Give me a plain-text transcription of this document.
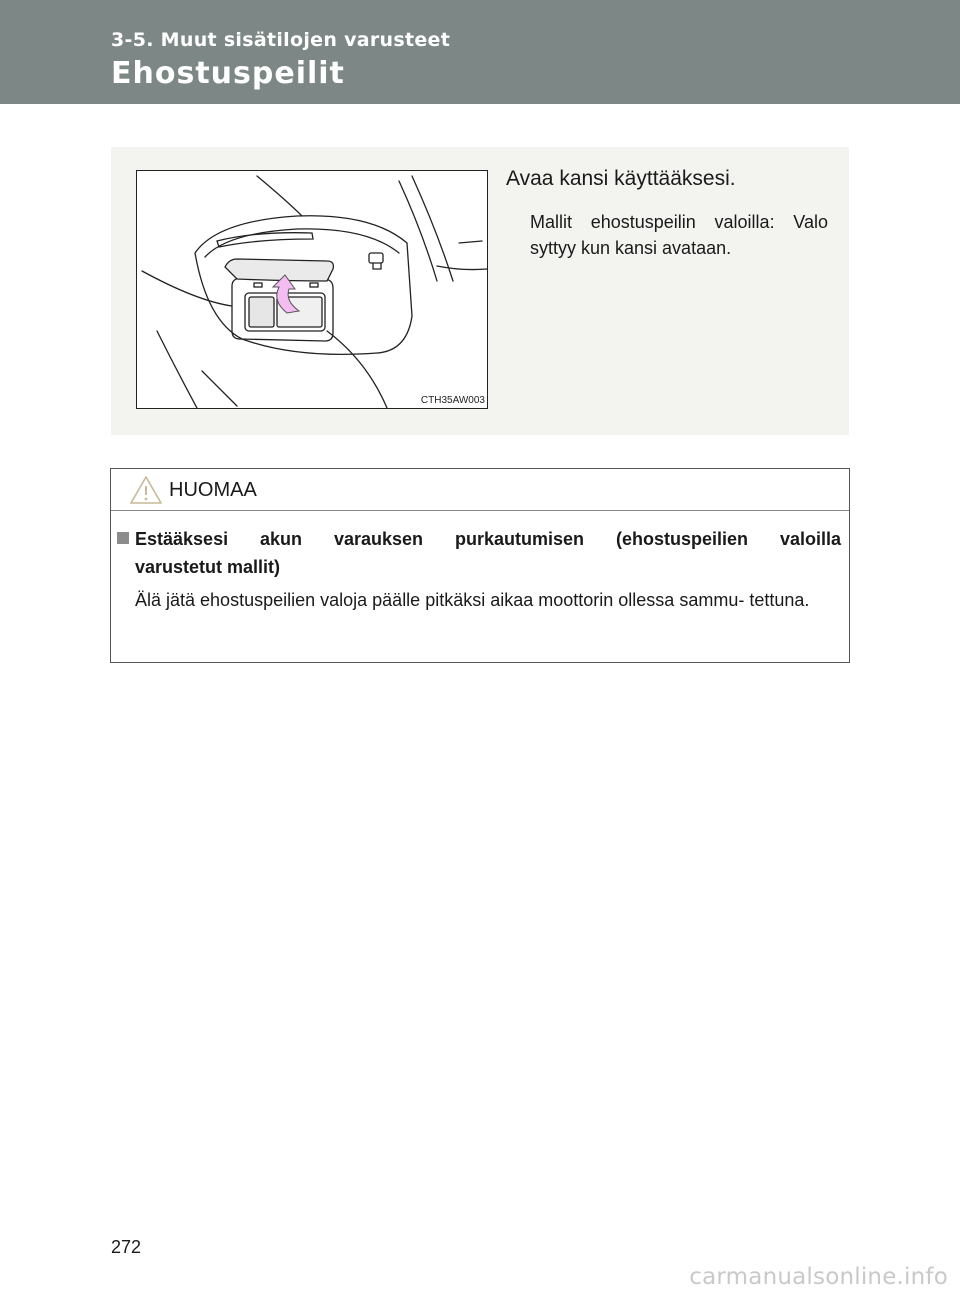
3-5. Muut sisätilojen varusteet
Ehostuspeilit
CTH35AW003
Avaa kansi käyttääksesi.
Mallit ehostuspeilin valoilla: Valo syttyy kun kansi avataan.
HUOMAA
Estääksesi akun varauksen purkautumisen (ehostuspeilien valoilla
varustetut mallit)
Älä jätä ehostuspeilien valoja päälle pitkäksi aikaa moottorin ollessa sammu- tettuna.
272
carmanualsonline.info
